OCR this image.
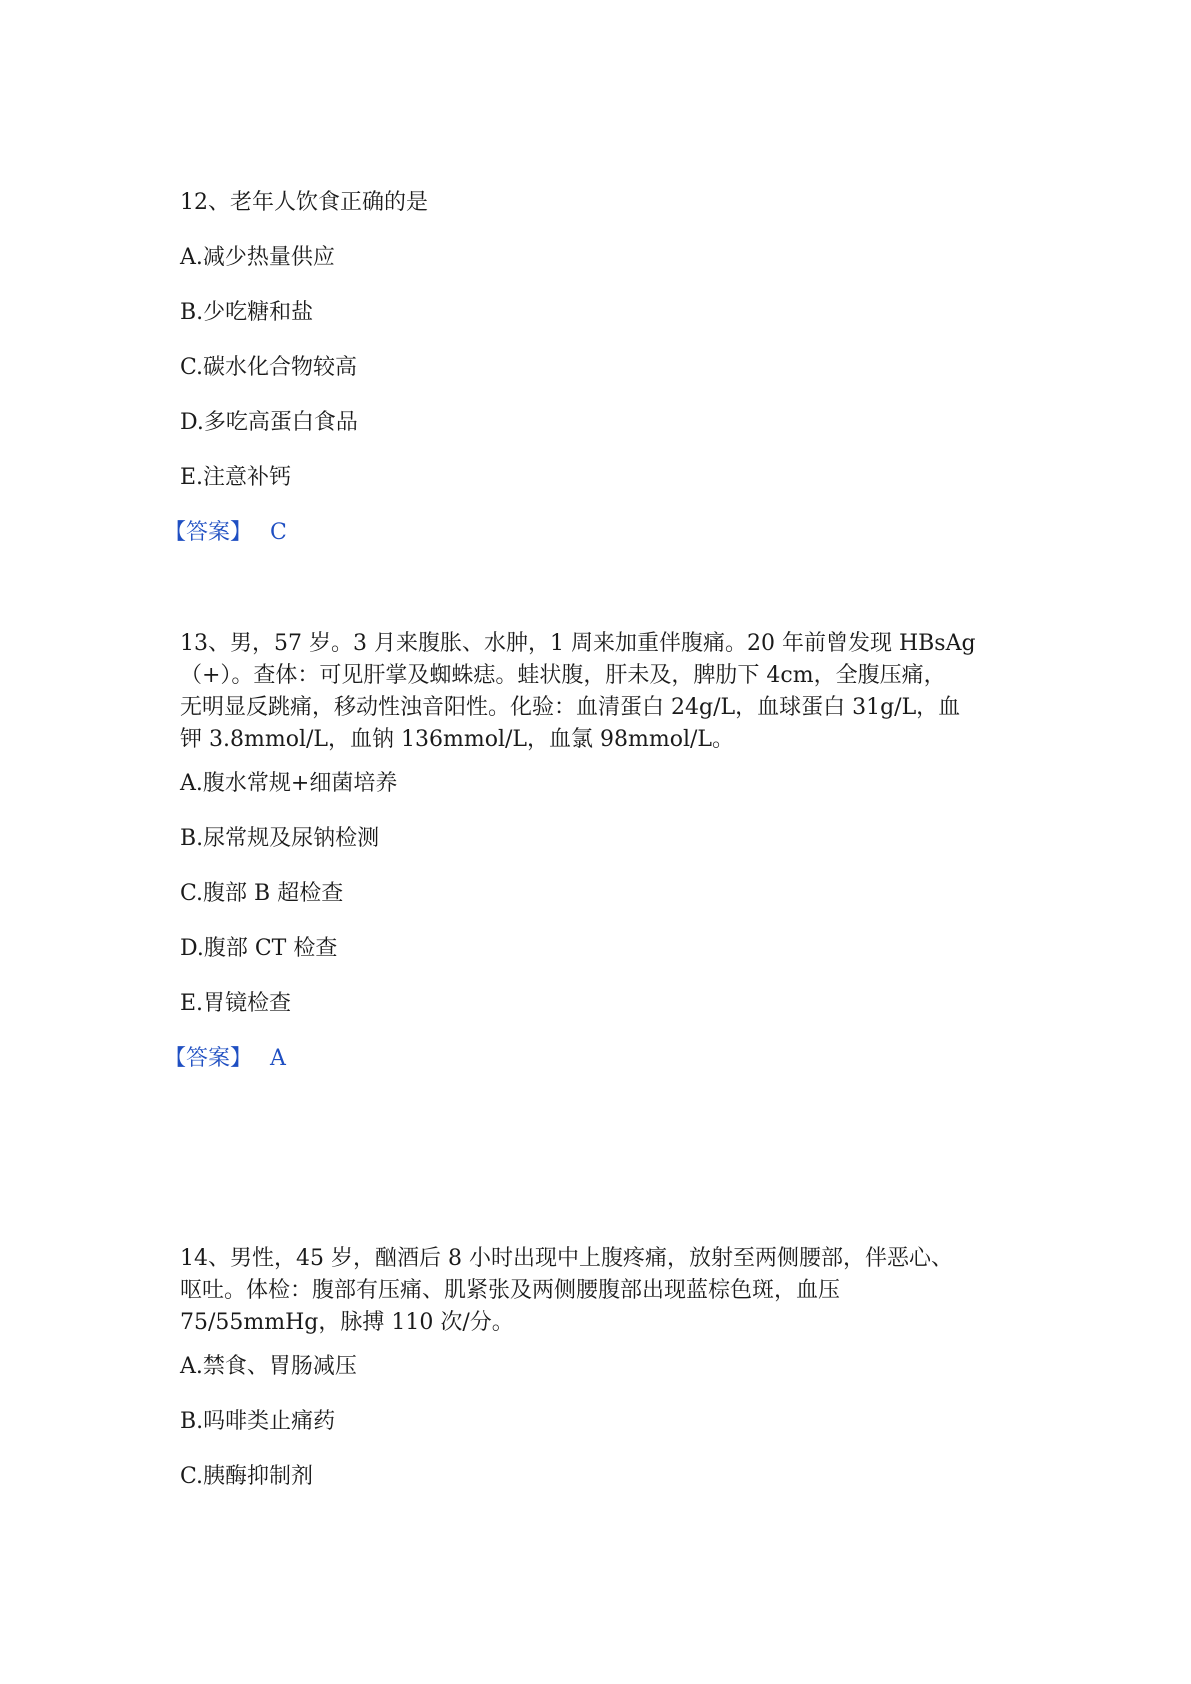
12、老年人饮食正确的是

A.减少热量供应

B.少吃糖和盐

C.碳水化合物较高

D.多吃高蛋白食品

E.注意补钙

【答案】 C

13、男，57 岁。3 月来腹胀、水肿，1 周来加重伴腹痛。20 年前曾发现 HBsAg

（+）。查体：可见肝掌及蜘蛛痣。蛙状腹，肝未及，脾肋下 4cm，全腹压痛，

无明显反跳痛，移动性浊音阳性。化验：血清蛋白 24g/L，血球蛋白 31g/L，血

钾 3.8mmol/L，血钠 136mmol/L，血氯 98mmol/L。

A.腹水常规+细菌培养

B.尿常规及尿钠检测

C.腹部 B 超检查

D.腹部 CT 检查

E.胃镜检查

【答案】 A

14、男性，45 岁，酗酒后 8 小时出现中上腹疼痛，放射至两侧腰部，伴恶心、

呕吐。体检：腹部有压痛、肌紧张及两侧腰腹部出现蓝棕色斑，血压

75/55mmHg，脉搏 110 次/分。

A.禁食、胃肠减压

B.吗啡类止痛药

C.胰酶抑制剂
